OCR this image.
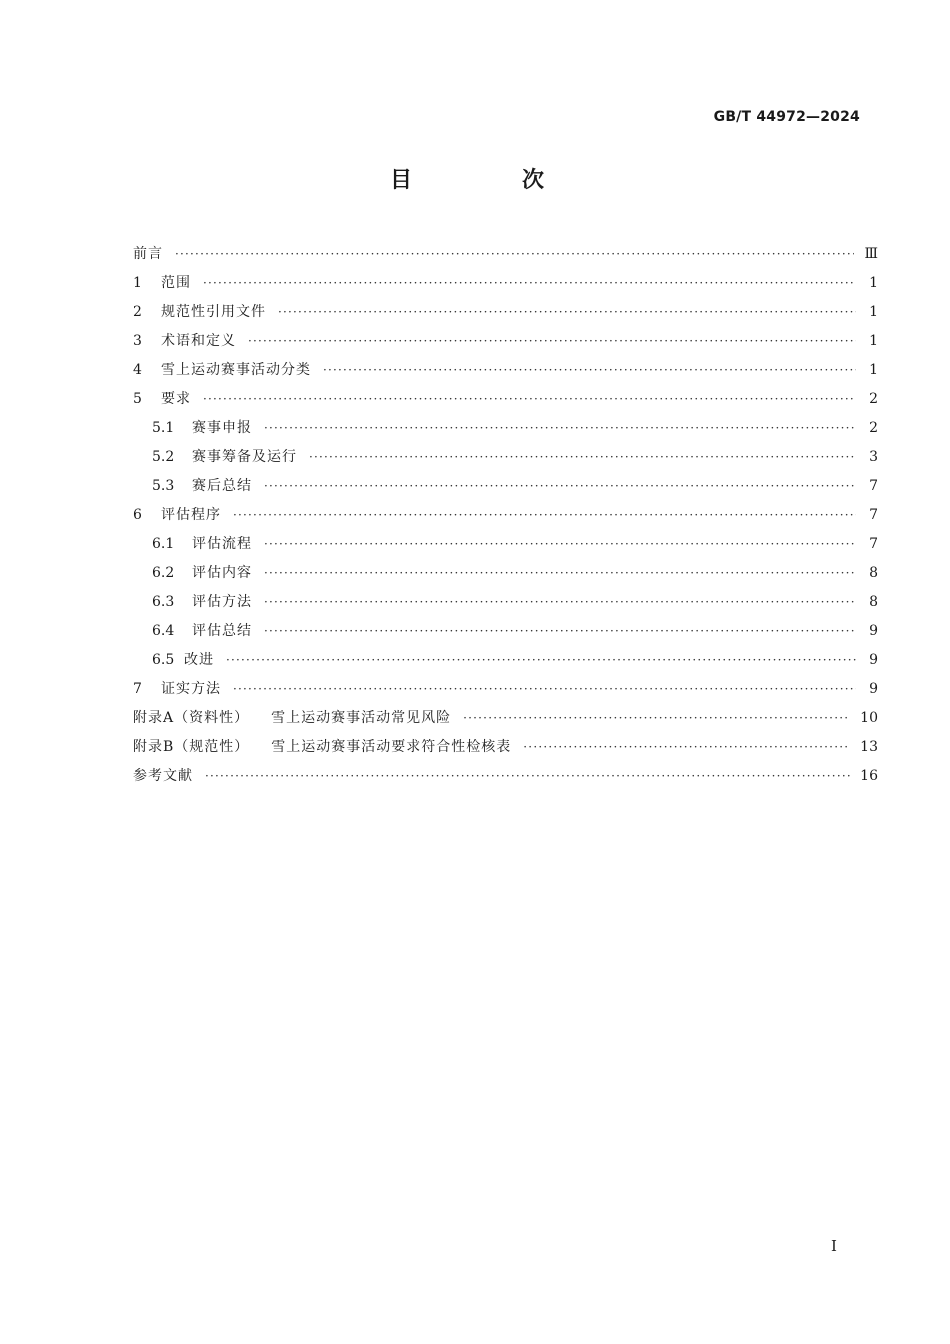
GB/T 44972—2024
目　次
前言 ·····	Ⅲ
1	范围 ·····	1
2	规范性引用文件 ·····	1
3	术语和定义 ·····	1
4	雪上运动赛事活动分类 ·····	1
5	要求 ·····	2
5.1	赛事申报 ·····	2
5.2	赛事筹备及运行 ·····	3
5.3	赛后总结 ·····	7
6	评估程序 ·····	7
6.1	评估流程 ·····	7
6.2	评估内容 ·····	8
6.3	评估方法 ·····	8
6.4	评估总结 ·····	9
6.5 改进 ·····	9
7	证实方法 ·····	9
附录A （资料性） 雪上运动赛事活动常见风险 ·····	10
附录B （规范性） 雪上运动赛事活动要求符合性检核表 ·····	13
参考文献 ·····	16
Ⅰ
